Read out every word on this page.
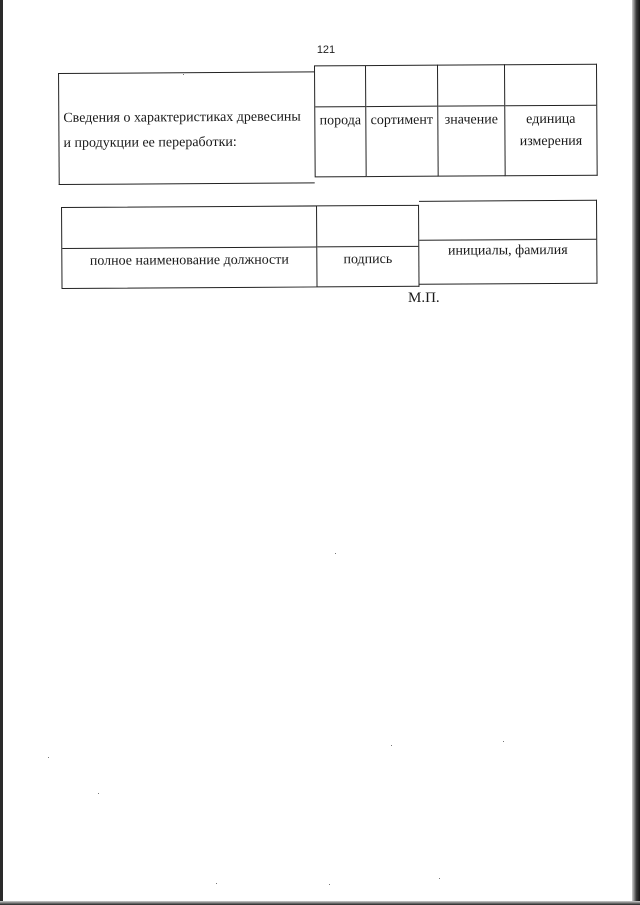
121
Сведения о характеристиках древесины и продукции ее переработки:
порода сортимент значение	единица измерения
полное наименование должности	подпись
инициалы, фамилия
М.П.
